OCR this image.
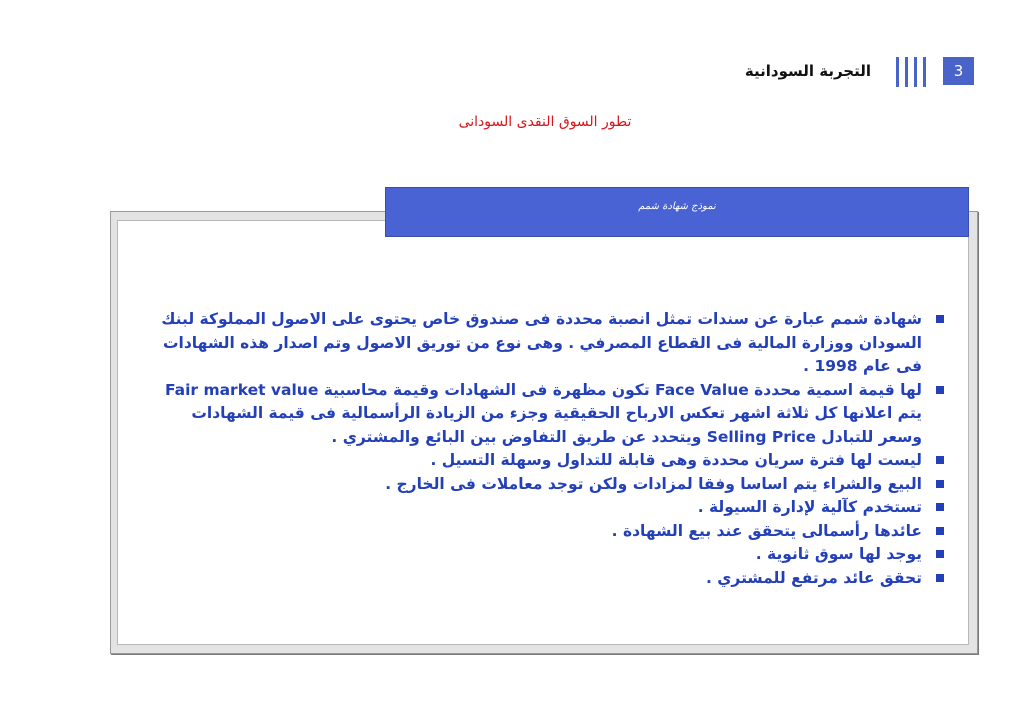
3
التجربة السودانية
تطور السوق النقدى السودانى
نموذج شهادة شمم
شهادة شمم عبارة عن سندات تمثل انصبة محددة فى صندوق خاص يحتوى على الاصول المملوكة لبنك السودان ووزارة المالية فى القطاع المصرفي . وهى نوع من توريق الاصول وتم اصدار هذه الشهادات فى عام 1998 .
لها قيمة اسمية محددة Face Value تكون مظهرة فى الشهادات وقيمة محاسبية Fair market value يتم اعلانها كل ثلاثة اشهر تعكس الارباح الحقيقية وجزء من الزيادة الرأسمالية فى قيمة الشهادات وسعر للتبادل Selling Price ويتحدد عن طريق التفاوض بين البائع والمشتري .
ليست لها فترة سريان محددة وهى قابلة للتداول وسهلة التسيل .
البيع والشراء يتم اساسا وفقا لمزادات ولكن توجد معاملات فى الخارج .
تستخدم كآلية لإدارة السيولة .
عائدها رأسمالى يتحقق عند بيع الشهادة .
يوجد لها سوق ثانوية .
تحقق عائد مرتفع للمشتري .
